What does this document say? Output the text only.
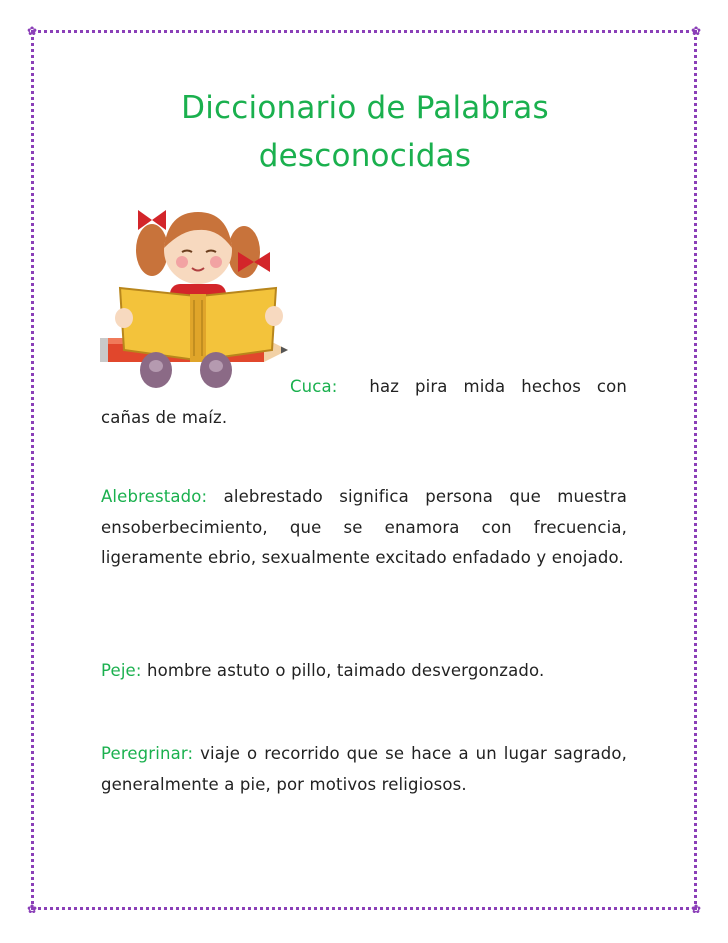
✿	✿
✿	✿
Diccionario de Palabras
desconocidas
Cuca: haz pira mida hechos con
cañas de maíz.
Alebrestado: alebrestado significa persona que muestra ensoberbecimiento, que se enamora con frecuencia, ligeramente ebrio, sexualmente excitado enfadado y enojado.
Peje: hombre astuto o pillo, taimado desvergonzado.
Peregrinar: viaje o recorrido que se hace a un lugar sagrado, generalmente a pie, por motivos religiosos.
